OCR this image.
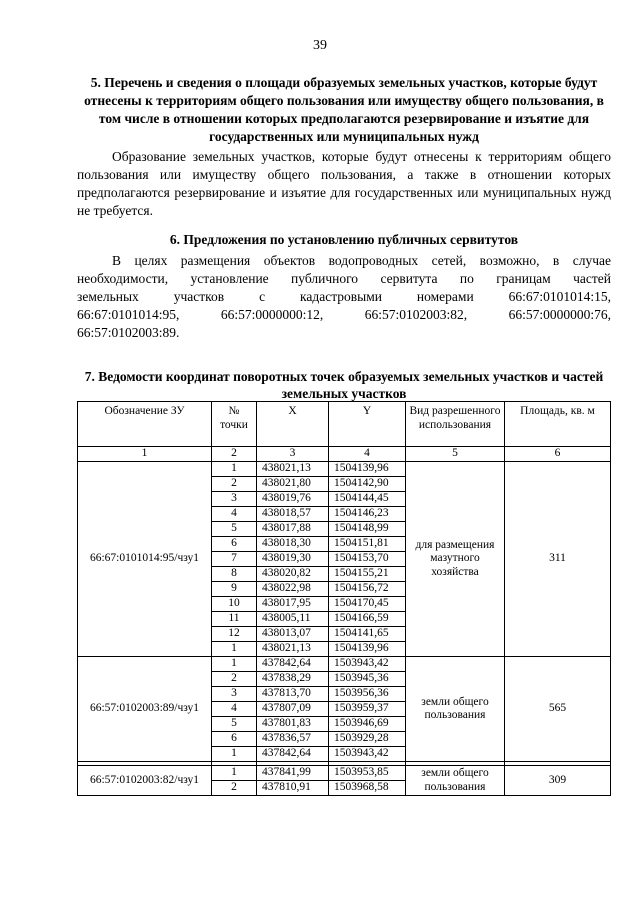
39
5. Перечень и сведения о площади образуемых земельных участков, которые будут отнесены к территориям общего пользования или имуществу общего пользования, в том числе в отношении которых предполагаются резервирование и изъятие для государственных или муниципальных нужд
Образование земельных участков, которые будут отнесены к территориям общего пользования или имуществу общего пользования, а также в отношении которых предполагаются резервирование и изъятие для государственных или муниципальных нужд не требуется.
6. Предложения по установлению публичных сервитутов
В целях размещения объектов водопроводных сетей, возможно, в случае
необходимости, установление публичного сервитута по границам частей
земельных участков с кадастровыми номерами 66:67:0101014:15,
66:67:0101014:95, 66:57:0000000:12, 66:57:0102003:82, 66:57:0000000:76,
66:57:0102003:89.
7. Ведомости координат поворотных точек образуемых земельных участков и частей земельных участков
Обозначение ЗУ	№ точки	X	Y	Вид разрешенного использования	Площадь, кв. м
1	2	3	4	5	6
66:67:0101014:95/чзу1	1	438021,13	1504139,96	для размещения мазутного хозяйства	311
	2	438021,80	1504142,90		
	3	438019,76	1504144,45		
	4	438018,57	1504146,23		
	5	438017,88	1504148,99		
	6	438018,30	1504151,81		
	7	438019,30	1504153,70		
	8	438020,82	1504155,21		
	9	438022,98	1504156,72		
	10	438017,95	1504170,45		
	11	438005,11	1504166,59		
	12	438013,07	1504141,65		
	1	438021,13	1504139,96		
66:57:0102003:89/чзу1	1	437842,64	1503943,42	земли общего пользования	565
	2	437838,29	1503945,36		
	3	437813,70	1503956,36		
	4	437807,09	1503959,37		
	5	437801,83	1503946,69		
	6	437836,57	1503929,28		
	1	437842,64	1503943,42		

66:57:0102003:82/чзу1	1	437841,99	1503953,85	земли общего пользования	309
	2	437810,91	1503968,58		
